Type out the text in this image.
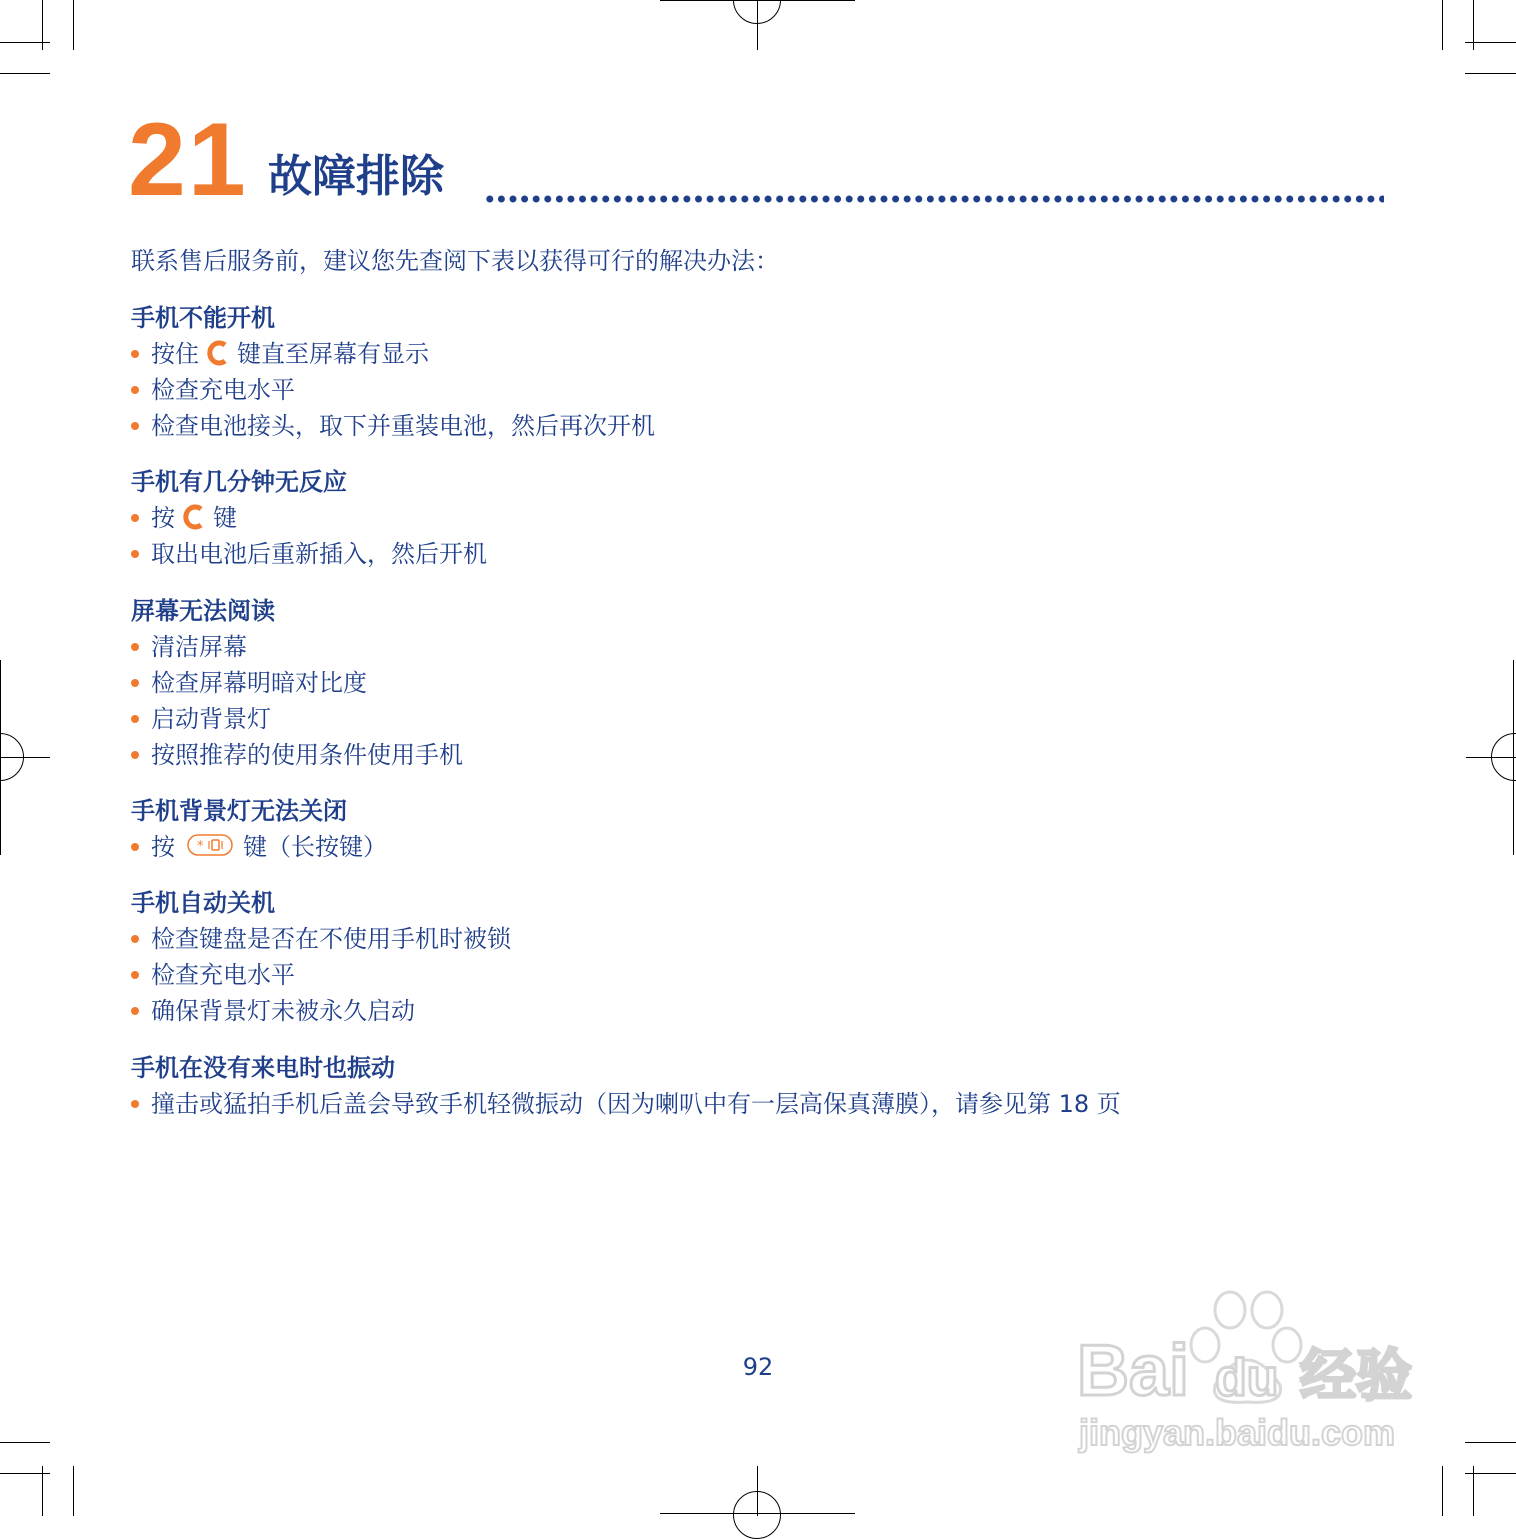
21 故障排除
联系售后服务前，建议您先查阅下表以获得可行的解决办法：
手机不能开机
按住 键直至屏幕有显示
检查充电水平
检查电池接头，取下并重装电池，然后再次开机
手机有几分钟无反应
按 键
取出电池后重新插入，然后开机
屏幕无法阅读
清洁屏幕
检查屏幕明暗对比度
启动背景灯
按照推荐的使用条件使用手机
手机背景灯无法关闭
按 * 键（长按键）
手机自动关机
检查键盘是否在不使用手机时被锁
检查充电水平
确保背景灯未被永久启动
手机在没有来电时也振动
撞击或猛拍手机后盖会导致手机轻微振动（因为喇叭中有一层高保真薄膜），请参见第 18 页
92	Bai du 经验
jingyan.baidu.com
